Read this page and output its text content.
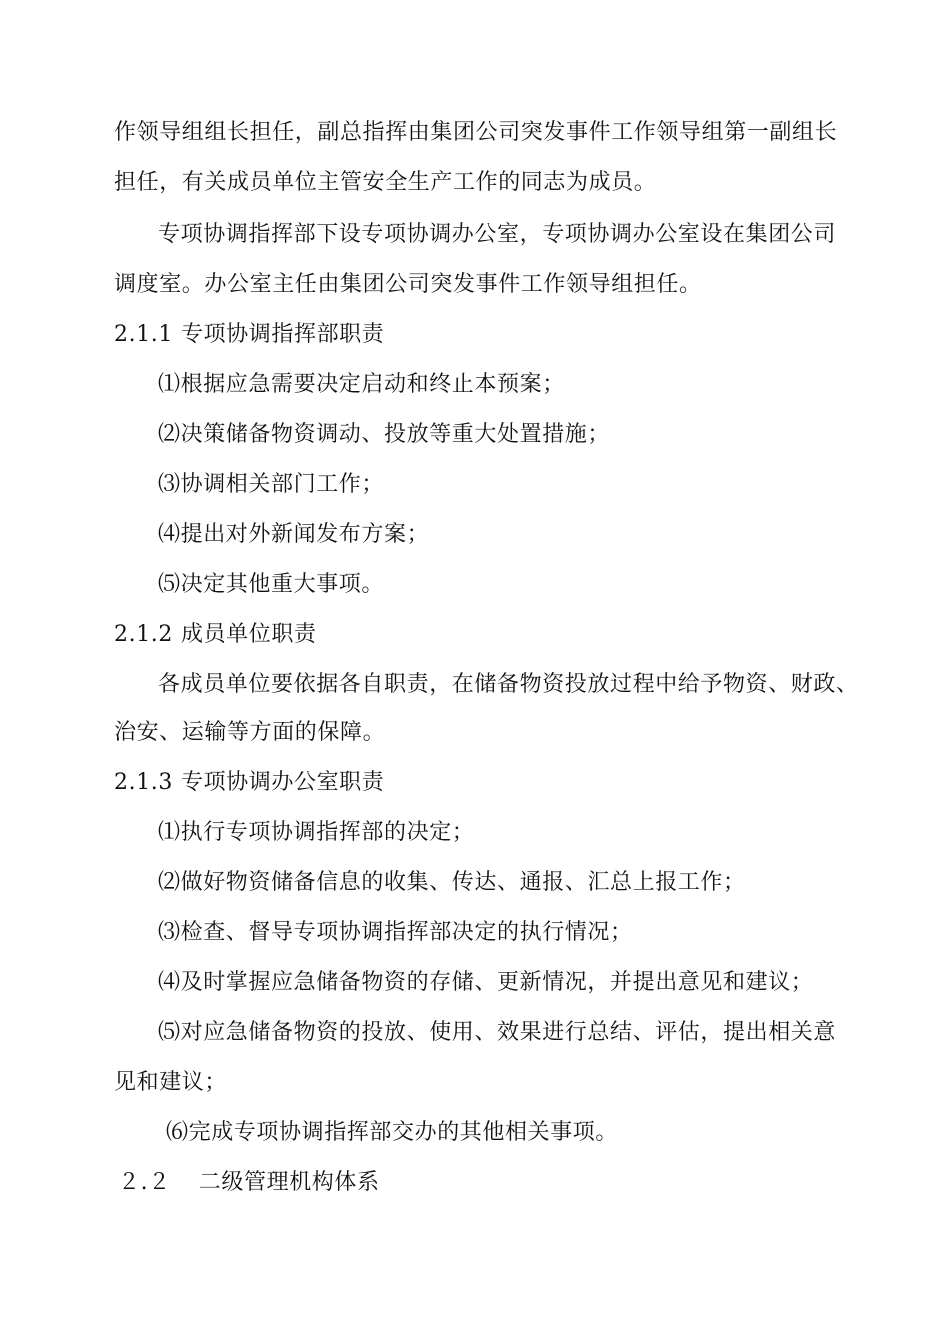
作领导组组长担任，副总指挥由集团公司突发事件工作领导组第一副组长
担任，有关成员单位主管安全生产工作的同志为成员。
专项协调指挥部下设专项协调办公室，专项协调办公室设在集团公司
调度室。办公室主任由集团公司突发事件工作领导组担任。
2.1.1 专项协调指挥部职责
⑴根据应急需要决定启动和终止本预案；
⑵决策储备物资调动、投放等重大处置措施；
⑶协调相关部门工作；
⑷提出对外新闻发布方案；
⑸决定其他重大事项。
2.1.2 成员单位职责
各成员单位要依据各自职责，在储备物资投放过程中给予物资、财政、
治安、运输等方面的保障。
2.1.3 专项协调办公室职责
⑴执行专项协调指挥部的决定；
⑵做好物资储备信息的收集、传达、通报、汇总上报工作；
⑶检查、督导专项协调指挥部决定的执行情况；
⑷及时掌握应急储备物资的存储、更新情况，并提出意见和建议；
⑸对应急储备物资的投放、使用、效果进行总结、评估，提出相关意
见和建议；
⑹完成专项协调指挥部交办的其他相关事项。
２.２ 二级管理机构体系
